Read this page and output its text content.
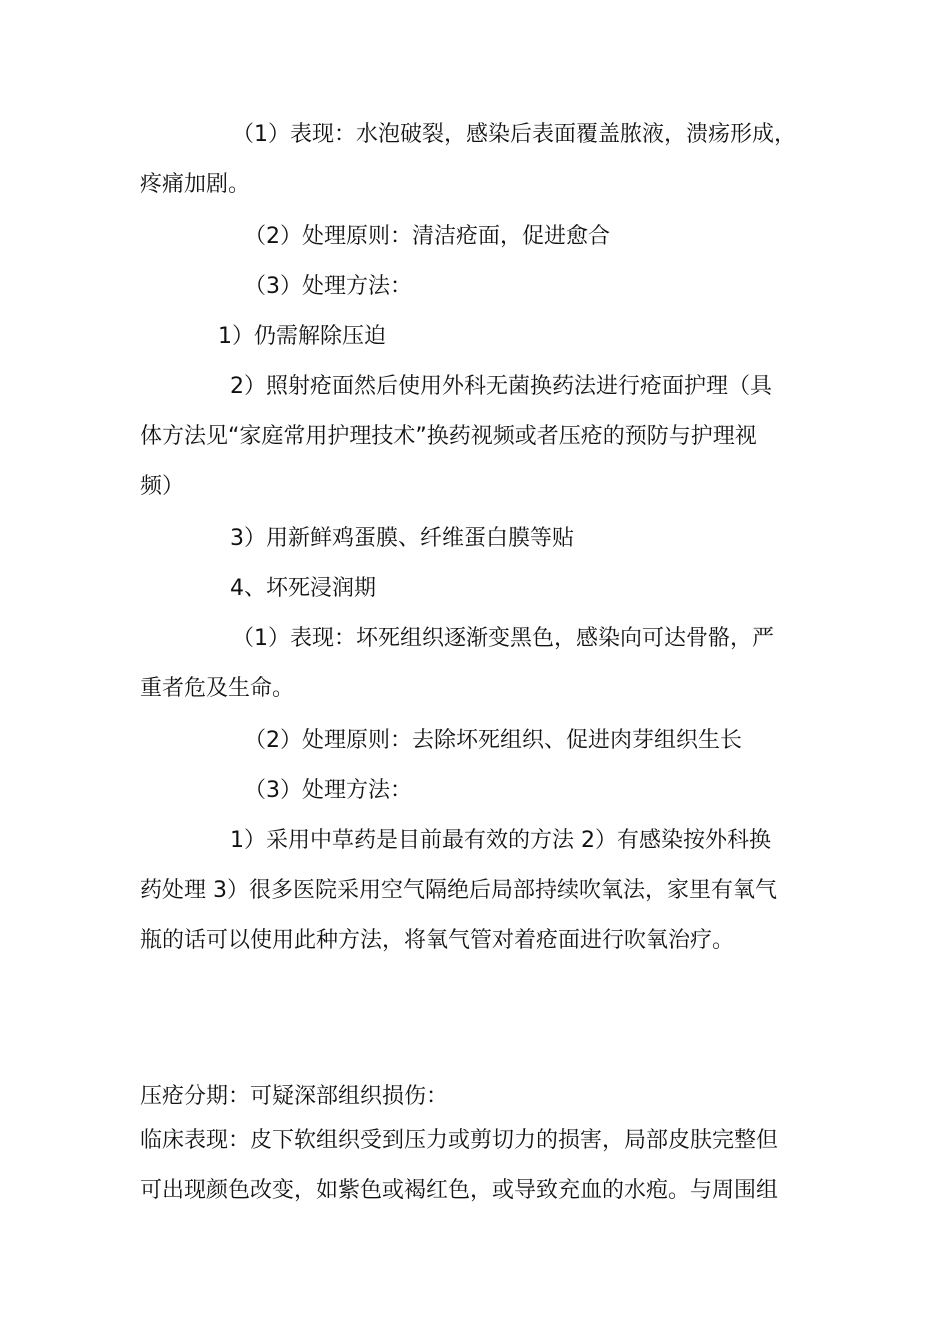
（1）表现：水泡破裂，感染后表面覆盖脓液，溃疡形成，

疼痛加剧。

（2）处理原则：清洁疮面，促进愈合

（3）处理方法：

1）仍需解除压迫

2）照射疮面然后使用外科无菌换药法进行疮面护理（具

体方法见“家庭常用护理技术”换药视频或者压疮的预防与护理视

频）

3）用新鲜鸡蛋膜、纤维蛋白膜等贴

4、坏死浸润期

（1）表现：坏死组织逐渐变黑色，感染向可达骨骼，严

重者危及生命。

（2）处理原则：去除坏死组织、促进肉芽组织生长

（3）处理方法：

1）采用中草药是目前最有效的方法 2）有感染按外科换

药处理 3）很多医院采用空气隔绝后局部持续吹氧法，家里有氧气

瓶的话可以使用此种方法，将氧气管对着疮面进行吹氧治疗。

压疮分期：可疑深部组织损伤：

临床表现：皮下软组织受到压力或剪切力的损害，局部皮肤完整但

可出现颜色改变，如紫色或褐红色，或导致充血的水疱。与周围组
